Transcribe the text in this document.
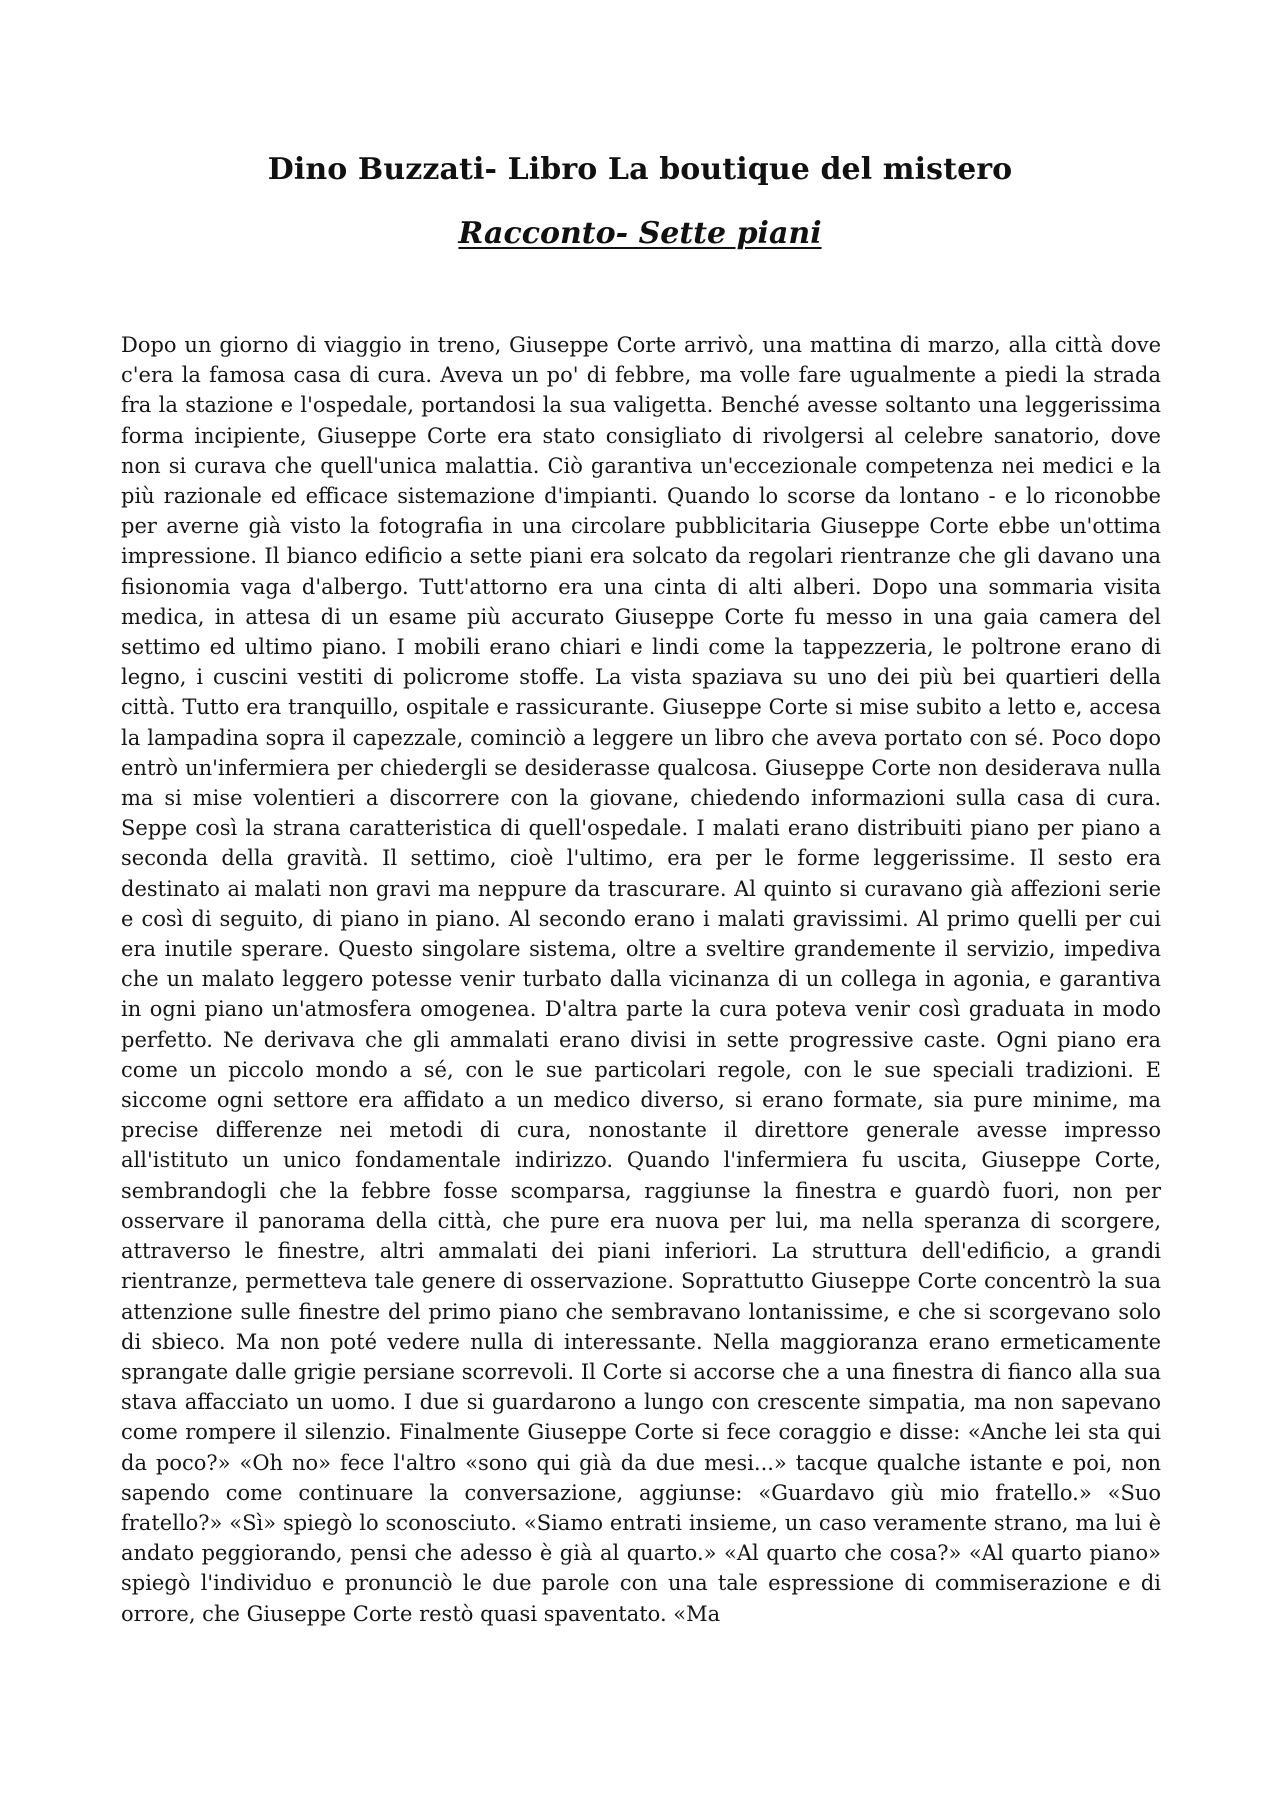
Dino Buzzati- Libro La boutique del mistero
Racconto- Sette piani

Dopo un giorno di viaggio in treno, Giuseppe Corte arrivò, una mattina di marzo, alla città dove c'era la famosa casa di cura. Aveva un po' di febbre, ma volle fare ugualmente a piedi la strada fra la stazione e l'ospedale, portandosi la sua valigetta. Benché avesse soltanto una leggerissima forma incipiente, Giuseppe Corte era stato consigliato di rivolgersi al celebre sanatorio, dove non si curava che quell'unica malattia. Ciò garantiva un'eccezionale competenza nei medici e la più razionale ed efficace sistemazione d'impianti. Quando lo scorse da lontano - e lo riconobbe per averne già visto la fotografia in una circolare pubblicitaria Giuseppe Corte ebbe un'ottima impressione. Il bianco edificio a sette piani era solcato da regolari rientranze che gli davano una fisionomia vaga d'albergo. Tutt'attorno era una cinta di alti alberi. Dopo una sommaria visita medica, in attesa di un esame più accurato Giuseppe Corte fu messo in una gaia camera del settimo ed ultimo piano. I mobili erano chiari e lindi come la tappezzeria, le poltrone erano di legno, i cuscini vestiti di policrome stoffe. La vista spaziava su uno dei più bei quartieri della città. Tutto era tranquillo, ospitale e rassicurante. Giuseppe Corte si mise subito a letto e, accesa la lampadina sopra il capezzale, cominciò a leggere un libro che aveva portato con sé. Poco dopo entrò un'infermiera per chiedergli se desiderasse qualcosa. Giuseppe Corte non desiderava nulla ma si mise volentieri a discorrere con la giovane, chiedendo informazioni sulla casa di cura. Seppe così la strana caratteristica di quell'ospedale. I malati erano distribuiti piano per piano a seconda della gravità. Il settimo, cioè l'ultimo, era per le forme leggerissime. Il sesto era destinato ai malati non gravi ma neppure da trascurare. Al quinto si curavano già affezioni serie e così di seguito, di piano in piano. Al secondo erano i malati gravissimi. Al primo quelli per cui era inutile sperare. Questo singolare sistema, oltre a sveltire grandemente il servizio, impediva che un malato leggero potesse venir turbato dalla vicinanza di un collega in agonia, e garantiva in ogni piano un'atmosfera omogenea. D'altra parte la cura poteva venir così graduata in modo perfetto. Ne derivava che gli ammalati erano divisi in sette progressive caste. Ogni piano era come un piccolo mondo a sé, con le sue particolari regole, con le sue speciali tradizioni. E siccome ogni settore era affidato a un medico diverso, si erano formate, sia pure minime, ma precise differenze nei metodi di cura, nonostante il direttore generale avesse impresso all'istituto un unico fondamentale indirizzo. Quando l'infermiera fu uscita, Giuseppe Corte, sembrandogli che la febbre fosse scomparsa, raggiunse la finestra e guardò fuori, non per osservare il panorama della città, che pure era nuova per lui, ma nella speranza di scorgere, attraverso le finestre, altri ammalati dei piani inferiori. La struttura dell'edificio, a grandi rientranze, permetteva tale genere di osservazione. Soprattutto Giuseppe Corte concentrò la sua attenzione sulle finestre del primo piano che sembravano lontanissime, e che si scorgevano solo di sbieco. Ma non poté vedere nulla di interessante. Nella maggioranza erano ermeticamente sprangate dalle grigie persiane scorrevoli. Il Corte si accorse che a una finestra di fianco alla sua stava affacciato un uomo. I due si guardarono a lungo con crescente simpatia, ma non sapevano come rompere il silenzio. Finalmente Giuseppe Corte si fece coraggio e disse: «Anche lei sta qui da poco?» «Oh no» fece l'altro «sono qui già da due mesi...» tacque qualche istante e poi, non sapendo come continuare la conversazione, aggiunse: «Guardavo giù mio fratello.» «Suo fratello?» «Sì» spiegò lo sconosciuto. «Siamo entrati insieme, un caso veramente strano, ma lui è andato peggiorando, pensi che adesso è già al quarto.» «Al quarto che cosa?» «Al quarto piano» spiegò l'individuo e pronunciò le due parole con una tale espressione di commiserazione e di orrore, che Giuseppe Corte restò quasi spaventato. «Ma
